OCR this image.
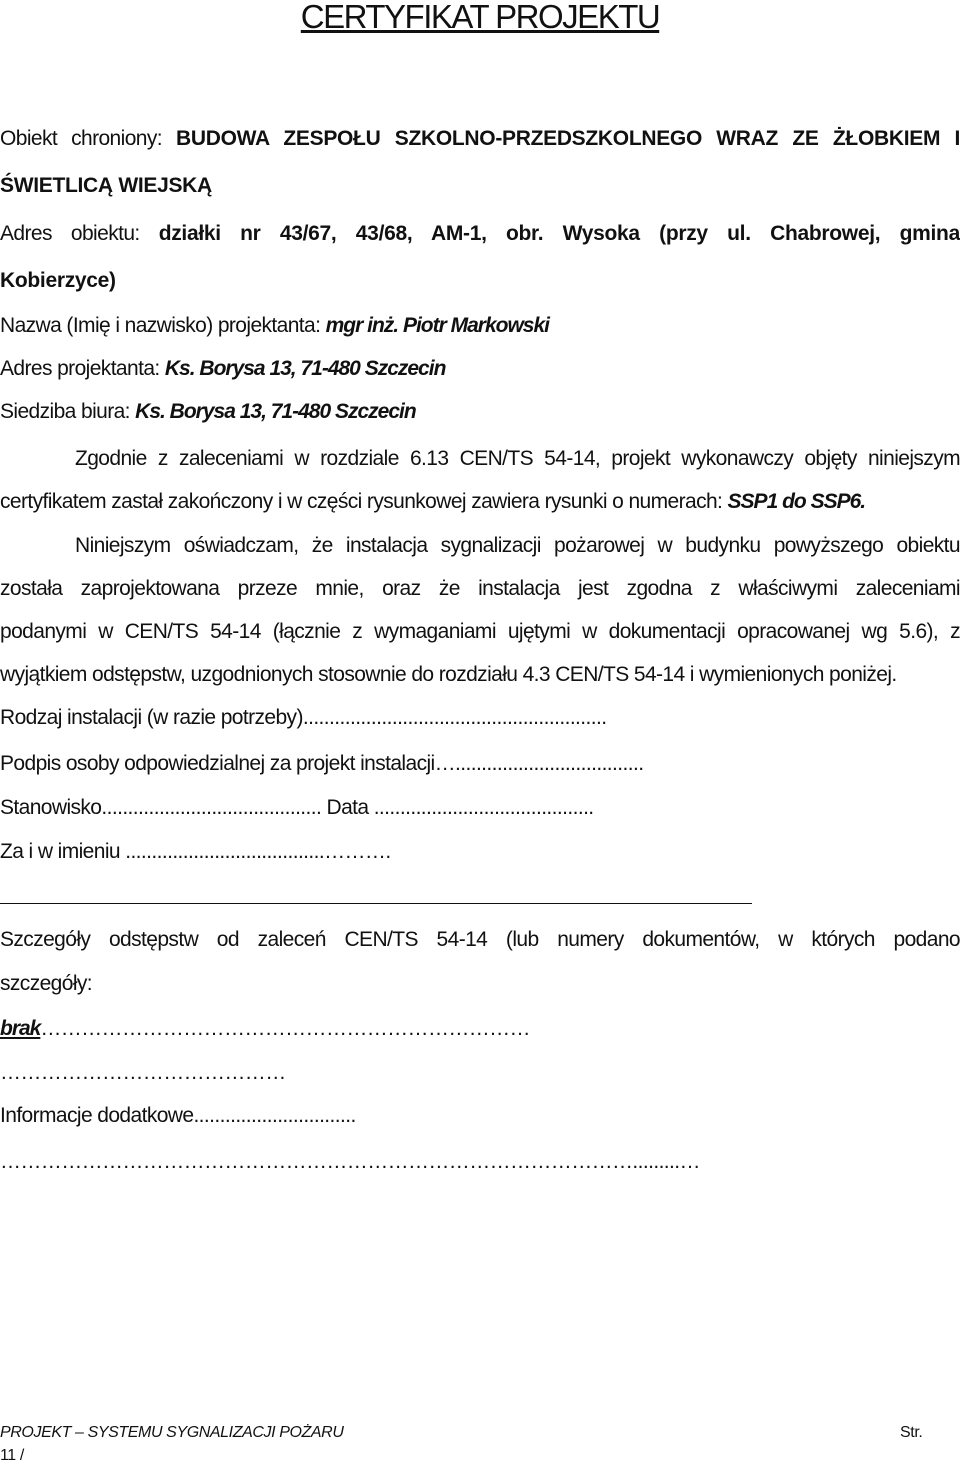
CERTYFIKAT PROJEKTU
Obiekt chroniony: BUDOWA ZESPOŁU SZKOLNO-PRZEDSZKOLNEGO WRAZ ZE ŻŁOBKIEM I
ŚWIETLICĄ WIEJSKĄ
Adres obiektu: działki nr 43/67, 43/68, AM-1, obr. Wysoka (przy ul. Chabrowej, gmina
Kobierzyce)
Nazwa (Imię i nazwisko) projektanta: mgr inż. Piotr Markowski
Adres projektanta: Ks. Borysa 13, 71-480 Szczecin
Siedziba biura: Ks. Borysa 13, 71-480 Szczecin
Zgodnie z zaleceniami w rozdziale 6.13 CEN/TS 54-14, projekt wykonawczy objęty niniejszym
certyfikatem zastał zakończony i w części rysunkowej zawiera rysunki o numerach: SSP1 do SSP6.
Niniejszym oświadczam, że instalacja sygnalizacji pożarowej w budynku powyższego obiektu
została zaprojektowana przeze mnie, oraz że instalacja jest zgodna z właściwymi zaleceniami
podanymi w CEN/TS 54-14 (łącznie z wymaganiami ujętymi w dokumentacji opracowanej wg 5.6), z
wyjątkiem odstępstw, uzgodnionych stosownie do rozdziału 4.3 CEN/TS 54-14 i wymienionych poniżej.
Rodzaj instalacji (w razie potrzeby)..........................................................
Podpis osoby odpowiedzialnej za projekt instalacji…....................................
Stanowisko.......................................... Data ..........................................
Za i w imieniu ......................................……….
Szczegóły odstępstw od zaleceń CEN/TS 54-14 (lub numery dokumentów, w których podano
szczegóły:
brak………………………………………………………………
……………………………………
Informacje dodatkowe...............................
………………………………………………………………………………….........…
PROJEKT – SYSTEMU SYGNALIZACJI POŻARU	Str.
11 /
